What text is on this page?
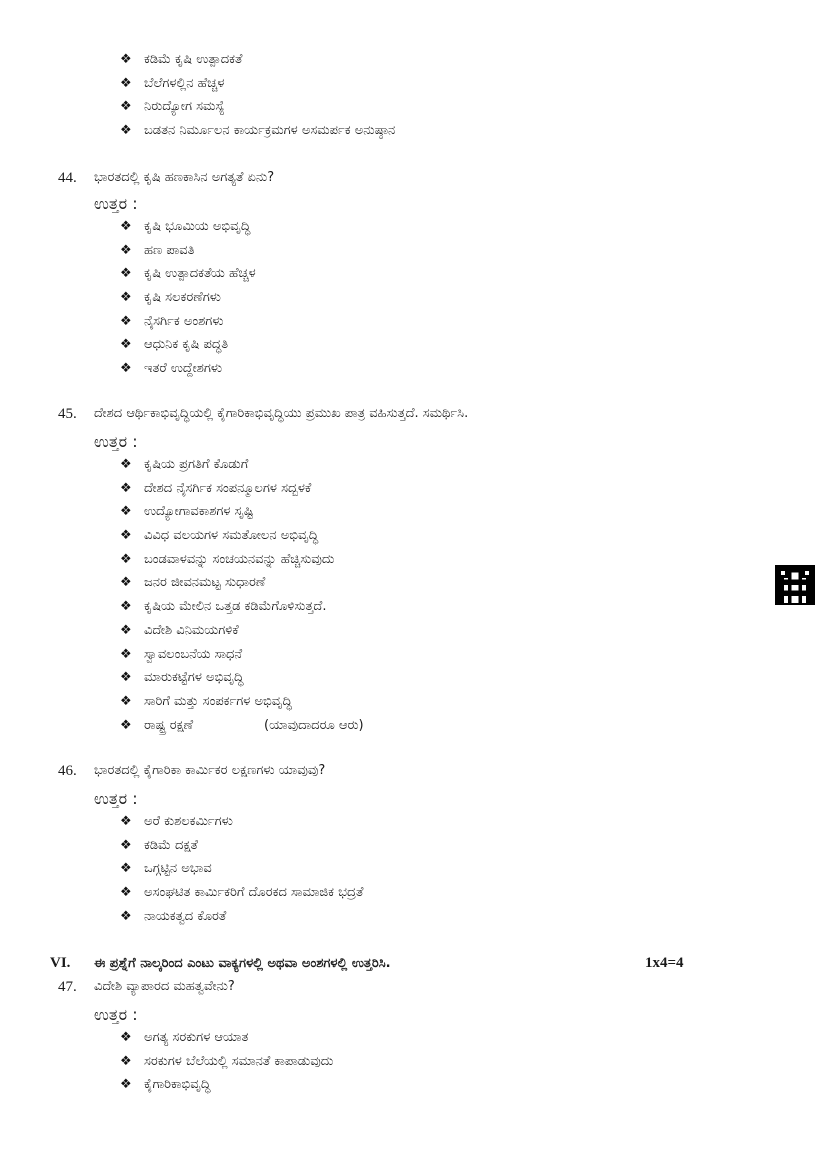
❖ ಕಡಿಮೆ ಕೃಷಿ ಉತ್ಪಾದಕತೆ
❖ ಬೆಲೆಗಳಲ್ಲಿನ ಹೆಚ್ಚಳ
❖ ನಿರುದ್ಯೋಗ ಸಮಸ್ಯೆ
❖ ಬಡತನ ನಿರ್ಮೂಲನ ಕಾರ್ಯಕ್ರಮಗಳ ಅಸಮರ್ಪಕ ಅನುಷ್ಠಾನ
44.	ಭಾರತದಲ್ಲಿ ಕೃಷಿ ಹಣಕಾಸಿನ ಅಗತ್ಯತೆ ಏನು?
ಉತ್ತರ :
❖ ಕೃಷಿ ಭೂಮಿಯ ಅಭಿವೃದ್ಧಿ
❖ ಹಣ ಪಾವತಿ
❖ ಕೃಷಿ ಉತ್ಪಾದಕತೆಯ ಹೆಚ್ಚಳ
❖ ಕೃಷಿ ಸಲಕರಣೆಗಳು
❖ ನೈಸರ್ಗಿಕ ಅಂಶಗಳು
❖ ಆಧುನಿಕ ಕೃಷಿ ಪದ್ಧತಿ
❖ ಇತರೆ ಉದ್ದೇಶಗಳು
45.	ದೇಶದ ಆರ್ಥಿಕಾಭಿವೃದ್ಧಿಯಲ್ಲಿ ಕೈಗಾರಿಕಾಭಿವೃದ್ಧಿಯು ಪ್ರಮುಖ ಪಾತ್ರ ವಹಿಸುತ್ತದೆ. ಸಮರ್ಥಿಸಿ.
ಉತ್ತರ :
❖ ಕೃಷಿಯ ಪ್ರಗತಿಗೆ ಕೊಡುಗೆ
❖ ದೇಶದ ನೈಸರ್ಗಿಕ ಸಂಪನ್ಮೂಲಗಳ ಸದ್ಬಳಕೆ
❖ ಉದ್ಯೋಗಾವಕಾಶಗಳ ಸೃಷ್ಟಿ
❖ ವಿವಿಧ ವಲಯಗಳ ಸಮತೋಲನ ಅಭಿವೃದ್ಧಿ
❖ ಬಂಡವಾಳವನ್ನು ಸಂಚಯನವನ್ನು ಹೆಚ್ಚಿಸುವುದು
❖ ಜನರ ಜೀವನಮಟ್ಟ ಸುಧಾರಣೆ
❖ ಕೃಷಿಯ ಮೇಲಿನ ಒತ್ತಡ ಕಡಿಮೆಗೊಳಿಸುತ್ತದೆ.
❖ ವಿದೇಶಿ ವಿನಿಮಯಗಳಿಕೆ
❖ ಸ್ವಾವಲಂಬನೆಯ ಸಾಧನೆ
❖ ಮಾರುಕಟ್ಟೆಗಳ ಅಭಿವೃದ್ಧಿ
❖ ಸಾರಿಗೆ ಮತ್ತು ಸಂಪರ್ಕಗಳ ಅಭಿವೃದ್ಧಿ
❖ ರಾಷ್ಟ್ರ ರಕ್ಷಣೆ	(ಯಾವುದಾದರೂ ಆರು)
46.	ಭಾರತದಲ್ಲಿ ಕೈಗಾರಿಕಾ ಕಾರ್ಮಿಕರ ಲಕ್ಷಣಗಳು ಯಾವುವು?
ಉತ್ತರ :
❖ ಅರೆ ಕುಶಲಕರ್ಮಿಗಳು
❖ ಕಡಿಮೆ ದಕ್ಷತೆ
❖ ಒಗ್ಗಟ್ಟಿನ ಅಭಾವ
❖ ಅಸಂಘಟಿತ ಕಾರ್ಮಿಕರಿಗೆ ದೊರಕದ ಸಾಮಾಜಿಕ ಭದ್ರತೆ
❖ ನಾಯಕತ್ವದ ಕೊರತೆ
VI.	ಈ ಪ್ರಶ್ನೆಗೆ ನಾಲ್ಕರಿಂದ ಎಂಟು ವಾಕ್ಯಗಳಲ್ಲಿ ಅಥವಾ ಅಂಶಗಳಲ್ಲಿ ಉತ್ತರಿಸಿ.	1x4=4
47.	ವಿದೇಶಿ ವ್ಯಾಪಾರದ ಮಹತ್ವವೇನು?
ಉತ್ತರ :
❖ ಅಗತ್ಯ ಸರಕುಗಳ ಆಯಾತ
❖ ಸರಕುಗಳ ಬೆಲೆಯಲ್ಲಿ ಸಮಾನತೆ ಕಾಪಾಡುವುದು
❖ ಕೈಗಾರಿಕಾಭಿವೃದ್ಧಿ
